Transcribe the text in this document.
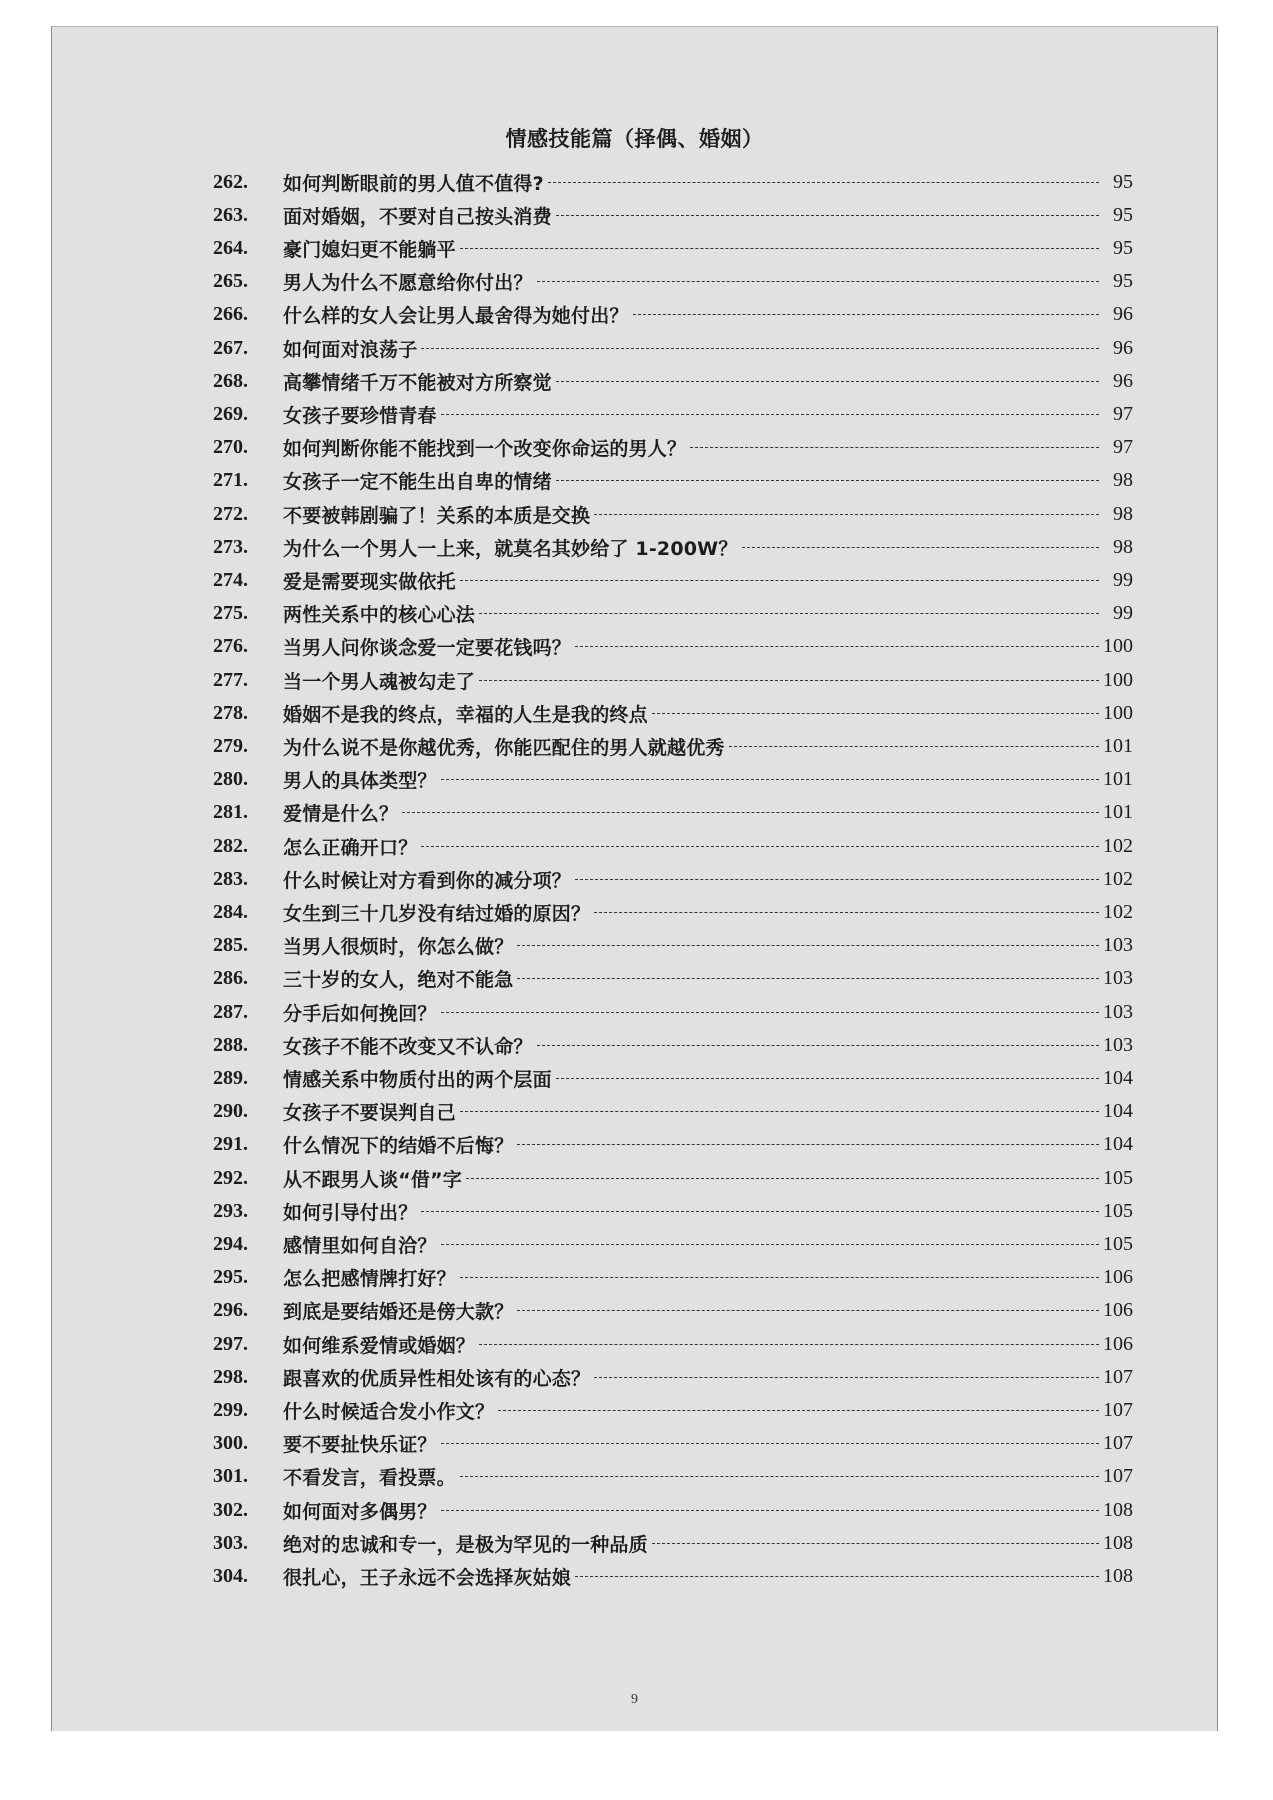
情感技能篇（择偶、婚姻）
262.	如何判断眼前的男人值不值得?	95
263.	面对婚姻，不要对自己按头消费	95
264.	豪门媳妇更不能躺平	95
265.	男人为什么不愿意给你付出？	95
266.	什么样的女人会让男人最舍得为她付出？	96
267.	如何面对浪荡子	96
268.	高攀情绪千万不能被对方所察觉	96
269.	女孩子要珍惜青春	97
270.	如何判断你能不能找到一个改变你命运的男人？	97
271.	女孩子一定不能生出自卑的情绪	98
272.	不要被韩剧骗了！关系的本质是交换	98
273.	为什么一个男人一上来，就莫名其妙给了 1-200W？	98
274.	爱是需要现实做依托	99
275.	两性关系中的核心心法	99
276.	当男人问你谈念爱一定要花钱吗？	100
277.	当一个男人魂被勾走了	100
278.	婚姻不是我的终点，幸福的人生是我的终点	100
279.	为什么说不是你越优秀，你能匹配住的男人就越优秀	101
280.	男人的具体类型？	101
281.	爱情是什么？	101
282.	怎么正确开口？	102
283.	什么时候让对方看到你的减分项？	102
284.	女生到三十几岁没有结过婚的原因？	102
285.	当男人很烦时，你怎么做？	103
286.	三十岁的女人，绝对不能急	103
287.	分手后如何挽回？	103
288.	女孩子不能不改变又不认命？	103
289.	情感关系中物质付出的两个层面	104
290.	女孩子不要误判自己	104
291.	什么情况下的结婚不后悔？	104
292.	从不跟男人谈“借”字	105
293.	如何引导付出？	105
294.	感情里如何自洽？	105
295.	怎么把感情牌打好？	106
296.	到底是要结婚还是傍大款？	106
297.	如何维系爱情或婚姻？	106
298.	跟喜欢的优质异性相处该有的心态？	107
299.	什么时候适合发小作文？	107
300.	要不要扯快乐证？	107
301.	不看发言，看投票。	107
302.	如何面对多偶男？	108
303.	绝对的忠诚和专一，是极为罕见的一种品质	108
304.	很扎心，王子永远不会选择灰姑娘	108
9
